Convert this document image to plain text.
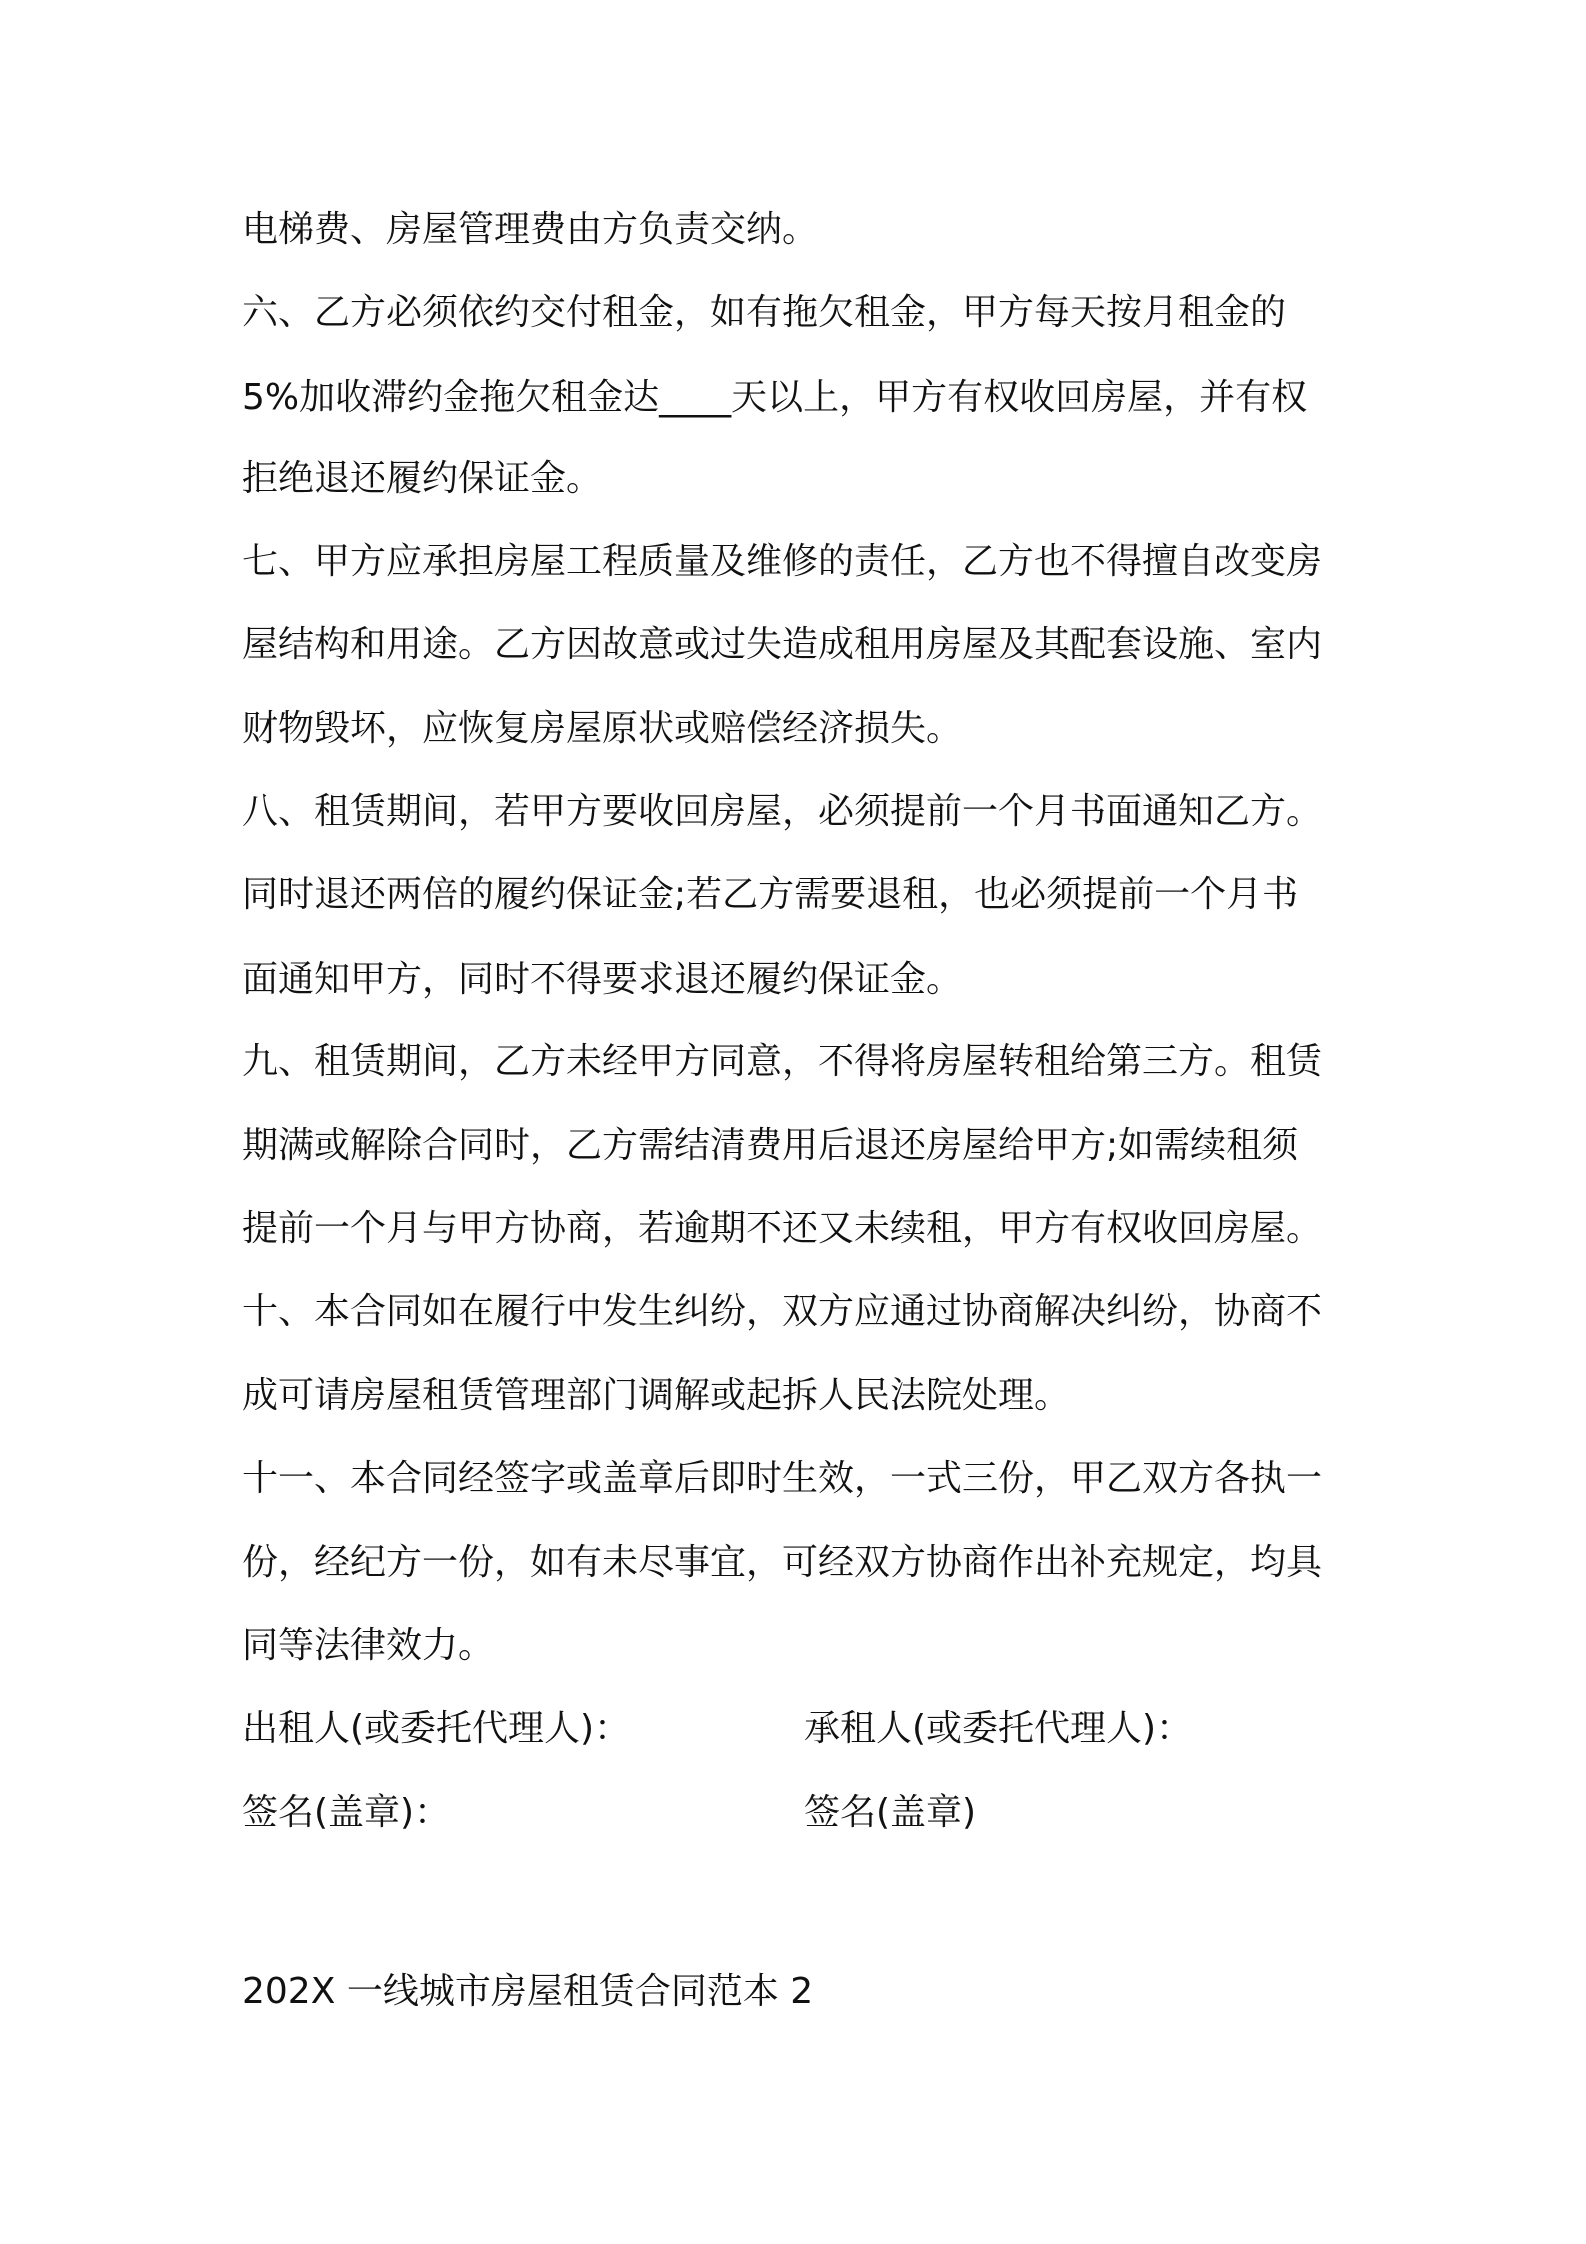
电梯费、房屋管理费由方负责交纳。
六、乙方必须依约交付租金，如有拖欠租金，甲方每天按月租金的
5%加收滞约金拖欠租金达____天以上，甲方有权收回房屋，并有权
拒绝退还履约保证金。
七、甲方应承担房屋工程质量及维修的责任，乙方也不得擅自改变房
屋结构和用途。乙方因故意或过失造成租用房屋及其配套设施、室内
财物毁坏，应恢复房屋原状或赔偿经济损失。
八、租赁期间，若甲方要收回房屋，必须提前一个月书面通知乙方。
同时退还两倍的履约保证金;若乙方需要退租，也必须提前一个月书
面通知甲方，同时不得要求退还履约保证金。
九、租赁期间，乙方未经甲方同意，不得将房屋转租给第三方。租赁
期满或解除合同时，乙方需结清费用后退还房屋给甲方;如需续租须
提前一个月与甲方协商，若逾期不还又未续租，甲方有权收回房屋。
十、本合同如在履行中发生纠纷，双方应通过协商解决纠纷，协商不
成可请房屋租赁管理部门调解或起拆人民法院处理。
十一、本合同经签字或盖章后即时生效，一式三份，甲乙双方各执一
份，经纪方一份，如有未尽事宜，可经双方协商作出补充规定，均具
同等法律效力。
出租人(或委托代理人)：	承租人(或委托代理人)：
签名(盖章)：	签名(盖章)
202X 一线城市房屋租赁合同范本 2
